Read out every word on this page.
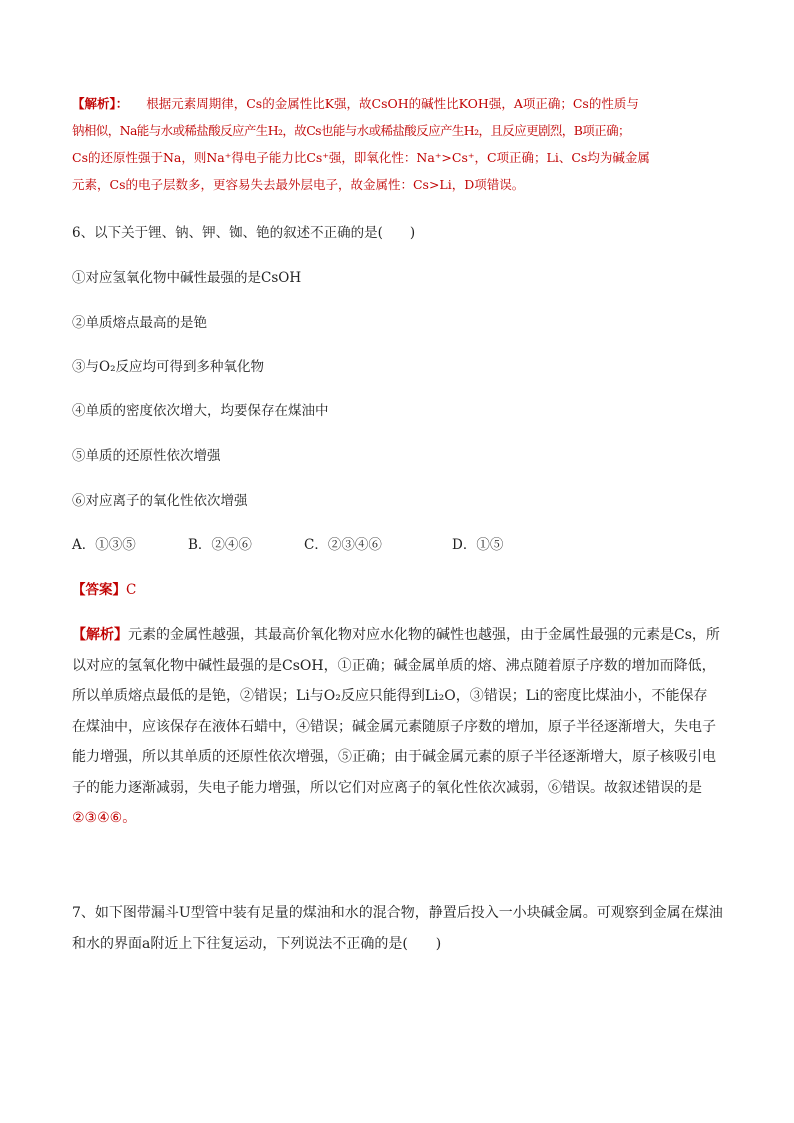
【解析】： 根据元素周期律，Cs的金属性比K强，故CsOH的碱性比KOH强，A项正确；Cs的性质与
钠相似，Na能与水或稀盐酸反应产生H₂，故Cs也能与水或稀盐酸反应产生H₂，且反应更剧烈，B项正确；
Cs的还原性强于Na，则Na⁺得电子能力比Cs⁺强，即氧化性：Na⁺>Cs⁺，C项正确；Li、Cs均为碱金属
元素，Cs的电子层数多，更容易失去最外层电子，故金属性：Cs>Li，D项错误。
6、以下关于锂、钠、钾、铷、铯的叙述不正确的是(　　)
①对应氢氧化物中碱性最强的是CsOH
②单质熔点最高的是铯
③与O₂反应均可得到多种氧化物
④单质的密度依次增大，均要保存在煤油中
⑤单质的还原性依次增强
⑥对应离子的氧化性依次增强
A．①③⑤	B．②④⑥	C．②③④⑥	D．①⑤
【答案】C
【解析】元素的金属性越强，其最高价氧化物对应水化物的碱性也越强，由于金属性最强的元素是Cs，所
以对应的氢氧化物中碱性最强的是CsOH，①正确；碱金属单质的熔、沸点随着原子序数的增加而降低，
所以单质熔点最低的是铯，②错误；Li与O₂反应只能得到Li₂O，③错误；Li的密度比煤油小，不能保存
在煤油中，应该保存在液体石蜡中，④错误；碱金属元素随原子序数的增加，原子半径逐渐增大，失电子
能力增强，所以其单质的还原性依次增强，⑤正确；由于碱金属元素的原子半径逐渐增大，原子核吸引电
子的能力逐渐减弱，失电子能力增强，所以它们对应离子的氧化性依次减弱，⑥错误。故叙述错误的是
②③④⑥。
7、如下图带漏斗U型管中装有足量的煤油和水的混合物，静置后投入一小块碱金属。可观察到金属在煤油
和水的界面a附近上下往复运动，下列说法不正确的是(　　)
